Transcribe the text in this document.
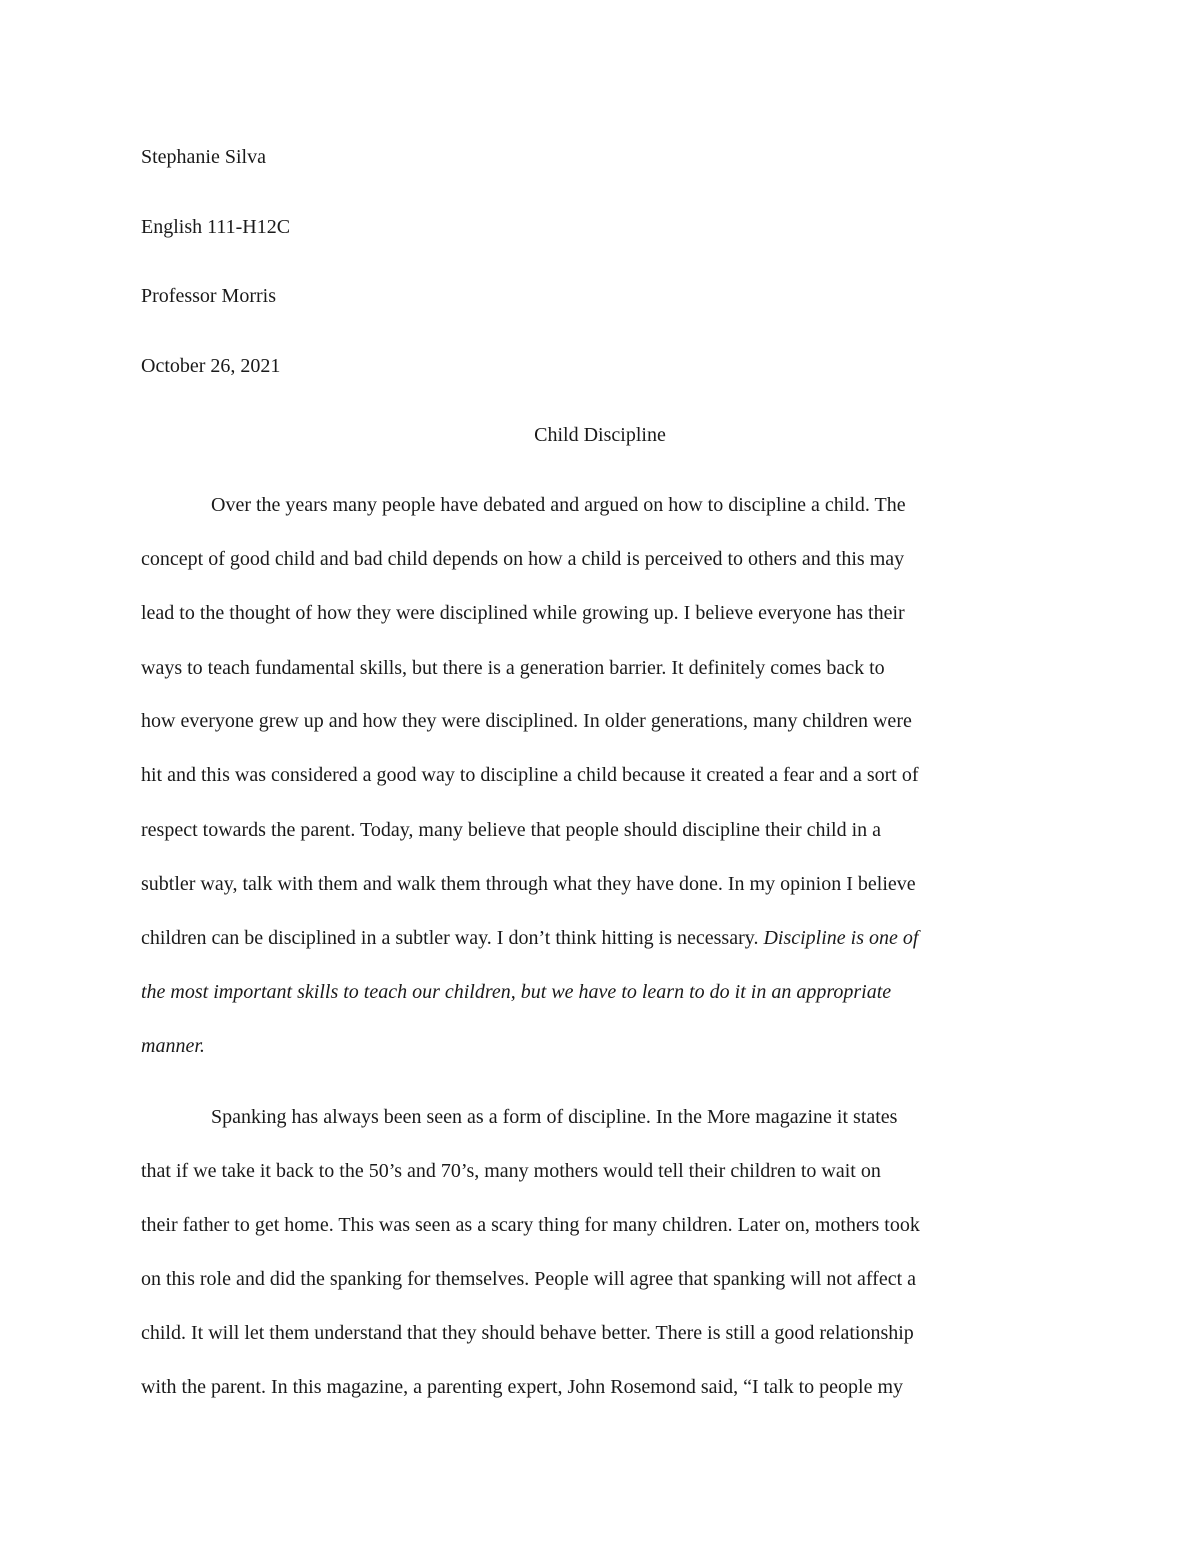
Stephanie Silva
English 111-H12C
Professor Morris
October 26, 2021
Child Discipline
Over the years many people have debated and argued on how to discipline a child. The
concept of good child and bad child depends on how a child is perceived to others and this may
lead to the thought of how they were disciplined while growing up. I believe everyone has their
ways to teach fundamental skills, but there is a generation barrier. It definitely comes back to
how everyone grew up and how they were disciplined. In older generations, many children were
hit and this was considered a good way to discipline a child because it created a fear and a sort of
respect towards the parent. Today, many believe that people should discipline their child in a
subtler way, talk with them and walk them through what they have done. In my opinion I believe
children can be disciplined in a subtler way. I don’t think hitting is necessary. Discipline is one of
the most important skills to teach our children, but we have to learn to do it in an appropriate
manner.
Spanking has always been seen as a form of discipline. In the More magazine it states
that if we take it back to the 50’s and 70’s, many mothers would tell their children to wait on
their father to get home. This was seen as a scary thing for many children. Later on, mothers took
on this role and did the spanking for themselves. People will agree that spanking will not affect a
child. It will let them understand that they should behave better. There is still a good relationship
with the parent. In this magazine, a parenting expert, John Rosemond said, “I talk to people my
